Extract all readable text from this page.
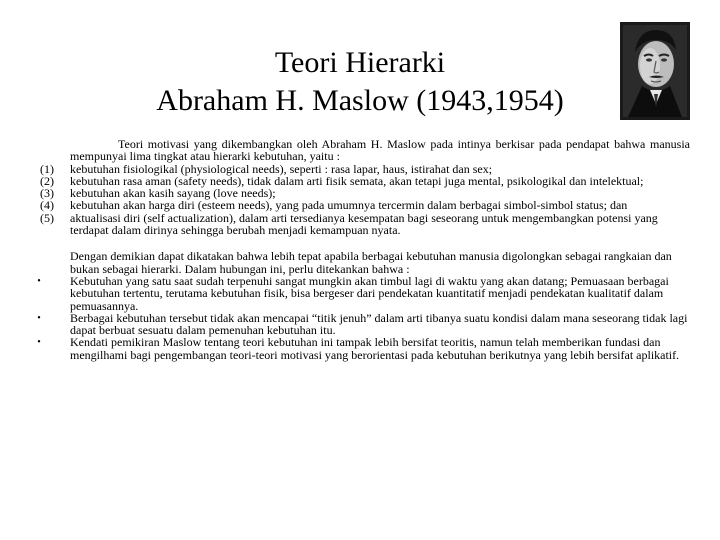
Teori Hierarki
Abraham H. Maslow (1943,1954)
Teori motivasi yang dikembangkan oleh Abraham H. Maslow pada intinya berkisar pada pendapat bahwa manusia mempunyai lima tingkat atau hierarki kebutuhan, yaitu :
(1)	kebutuhan fisiologikal (physiological needs), seperti : rasa lapar, haus, istirahat dan sex;
(2)	kebutuhan rasa aman (safety needs), tidak dalam arti fisik semata, akan tetapi juga mental, psikologikal dan intelektual;
(3)	kebutuhan akan kasih sayang (love needs);
(4)	kebutuhan akan harga diri (esteem needs), yang pada umumnya tercermin dalam berbagai simbol-simbol status; dan
(5)	aktualisasi diri (self actualization), dalam arti tersedianya kesempatan bagi seseorang untuk mengembangkan potensi yang terdapat dalam dirinya sehingga berubah menjadi kemampuan nyata.
Dengan demikian dapat dikatakan bahwa lebih tepat apabila berbagai kebutuhan manusia digolongkan sebagai rangkaian dan bukan sebagai hierarki. Dalam hubungan ini, perlu ditekankan bahwa :
• Kebutuhan yang satu saat sudah terpenuhi sangat mungkin akan timbul lagi di waktu yang akan datang; Pemuasaan berbagai kebutuhan tertentu, terutama kebutuhan fisik, bisa bergeser dari pendekatan kuantitatif menjadi pendekatan kualitatif dalam pemuasannya.
• Berbagai kebutuhan tersebut tidak akan mencapai “titik jenuh” dalam arti tibanya suatu kondisi dalam mana seseorang tidak lagi dapat berbuat sesuatu dalam pemenuhan kebutuhan itu.
• Kendati pemikiran Maslow tentang teori kebutuhan ini tampak lebih bersifat teoritis, namun telah memberikan fundasi dan mengilhami bagi pengembangan teori-teori motivasi yang berorientasi pada kebutuhan berikutnya yang lebih bersifat aplikatif.
